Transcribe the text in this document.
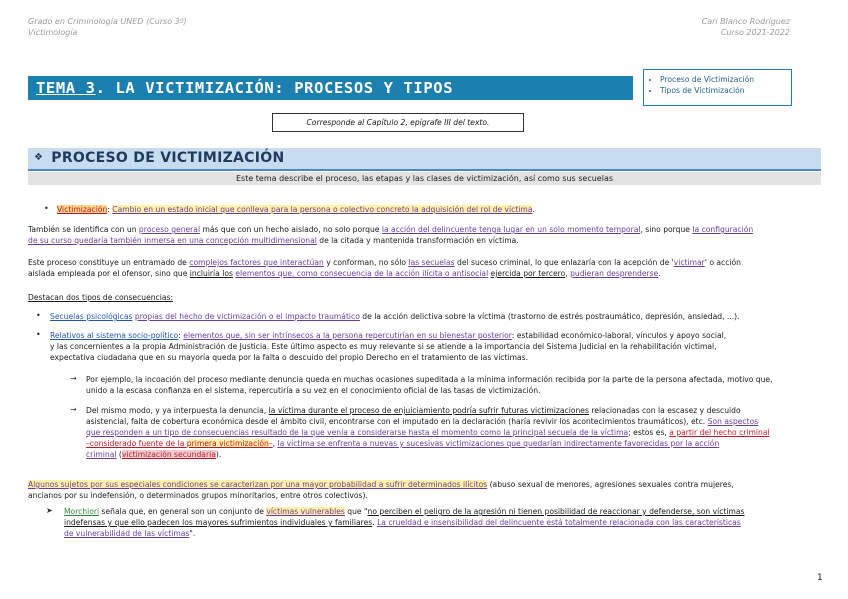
Grado en Criminología UNED (Curso 3º)
Victimología
Cari Blanco Rodríguez
Curso 2021-2022
TEMA 3. LA VICTIMIZACIÓN: PROCESOS Y TIPOS
•	Proceso de Victimización
• Tipos de Victimización
Corresponde al Capítulo 2, epígrafe III del texto.
❖ PROCESO DE VICTIMIZACIÓN
Este tema describe el proceso, las etapas y las clases de victimización, así como sus secuelas
• Victimización: Cambio en un estado inicial que conlleva para la persona o colectivo concreto la adquisición del rol de víctima.
También se identifica con un proceso general más que con un hecho aislado, no solo porque la acción del delincuente tenga lugar en un solo momento temporal, sino porque la configuración
de su curso quedaría también inmersa en una concepción multidimensional de la citada y mantenida transformación en víctima.
Este proceso constituye un entramado de complejos factores que interactúan y conforman, no sólo las secuelas del suceso criminal, lo que enlazaría con la acepción de 'victimar' o acción
aislada empleada por el ofensor, sino que incluiría los elementos que, como consecuencia de la acción ilícita o antisocial ejercida por tercero, pudieran desprenderse.
Destacan dos tipos de consecuencias:
• Secuelas psicológicas propias del hecho de victimización o el impacto traumático de la acción delictiva sobre la víctima (trastorno de estrés postraumático, depresión, ansiedad, ...).
• Relativos al sistema socio-político: elementos que, sin ser intrínsecos a la persona repercutirían en su bienestar posterior: estabilidad económico-laboral, vínculos y apoyo social,
y las concernientes a la propia Administración de Justicia. Este último aspecto es muy relevante si se atiende a la importancia del Sistema Judicial en la rehabilitación victimal,
expectativa ciudadana que en su mayoría queda por la falta o descuido del propio Derecho en el tratamiento de las víctimas.
→ Por ejemplo, la incoación del proceso mediante denuncia queda en muchas ocasiones supeditada a la mínima información recibida por la parte de la persona afectada, motivo que,
unido a la escasa confianza en el sistema, repercutiría a su vez en el conocimiento oficial de las tasas de victimización.
→ Del mismo modo, y ya interpuesta la denuncia, la víctima durante el proceso de enjuiciamiento podría sufrir futuras victimizaciones relacionadas con la escasez y descuido
asistencial, falta de cobertura económica desde el ámbito civil, encontrarse con el imputado en la declaración (haría revivir los acontecimientos traumáticos), etc. Son aspectos
que responden a un tipo de consecuencias resultado de la que venía a considerarse hasta el momento como la principal secuela de la víctima; estos es, a partir del hecho criminal
–considerado fuente de la primera victimización–, la víctima se enfrenta a nuevas y sucesivas victimizaciones que quedarían indirectamente favorecidas por la acción
criminal (victimización secundaria).
Algunos sujetos por sus especiales condiciones se caracterizan por una mayor probabilidad a sufrir determinados ilícitos (abuso sexual de menores, agresiones sexuales contra mujeres,
ancianos por su indefensión, o determinados grupos minoritarios, entre otros colectivos).
➤ Morchiori señala que, en general son un conjunto de víctimas vulnerables que "no perciben el peligro de la agresión ni tienen posibilidad de reaccionar y defenderse, son víctimas
indefensas y que ello padecen los mayores sufrimientos individuales y familiares. La crueldad e insensibilidad del delincuente está totalmente relacionada con las características
de vulnerabilidad de las víctimas".
1
